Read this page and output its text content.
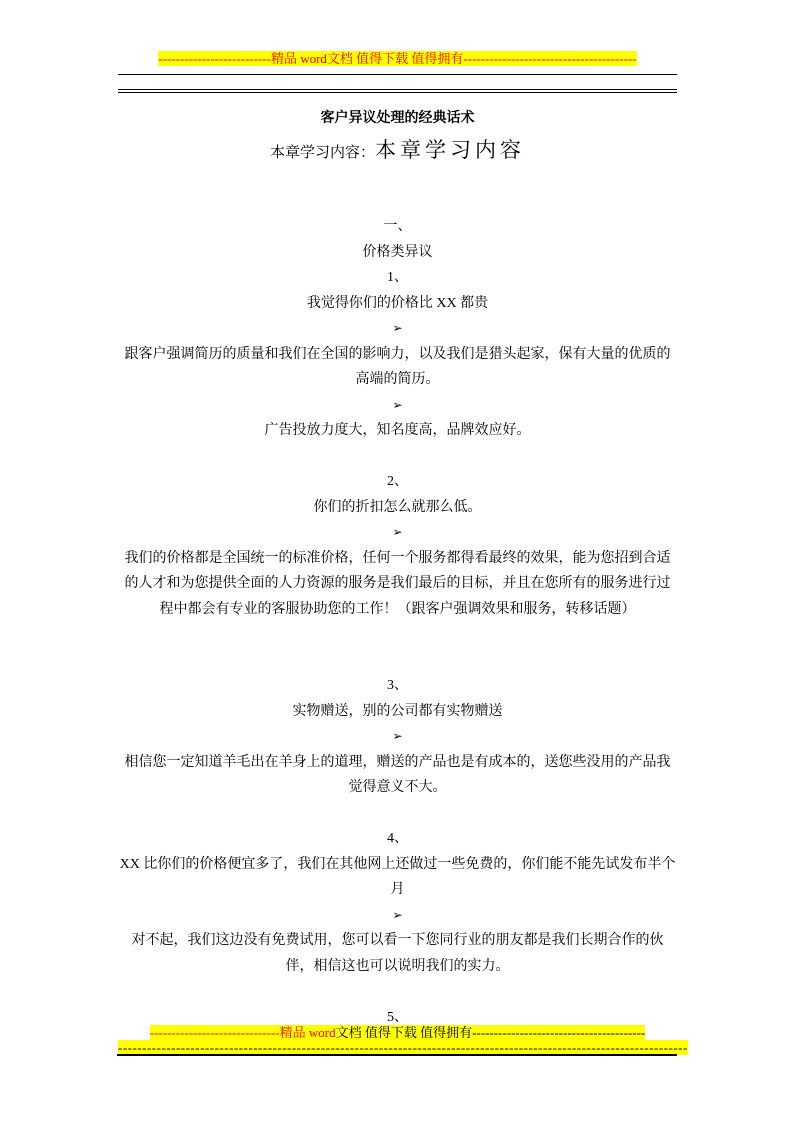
--------------------------精品 word文档 值得下载 值得拥有----------------------------------------
客户异议处理的经典话术
本章学习内容：本章学习内容
一、
价格类异议
1、
我觉得你们的价格比 XX 都贵
➢
跟客户强调简历的质量和我们在全国的影响力，以及我们是猎头起家，保有大量的优质的高端的简历。
➢
广告投放力度大，知名度高，品牌效应好。
2、
你们的折扣怎么就那么低。
➢
我们的价格都是全国统一的标准价格，任何一个服务都得看最终的效果，能为您招到合适的人才和为您提供全面的人力资源的服务是我们最后的目标，并且在您所有的服务进行过程中都会有专业的客服协助您的工作！（跟客户强调效果和服务，转移话题）
3、
实物赠送，别的公司都有实物赠送
➢
相信您一定知道羊毛出在羊身上的道理，赠送的产品也是有成本的，送您些没用的产品我觉得意义不大。
4、
XX 比你们的价格便宜多了，我们在其他网上还做过一些免费的，你们能不能先试发布半个月
➢
对不起，我们这边没有免费试用，您可以看一下您同行业的朋友都是我们长期合作的伙伴，相信这也可以说明我们的实力。
5、
------------------------------精品 word文档 值得下载 值得拥有----------------------------------------
----------------------------------------------------------------------------------------------------------------------
